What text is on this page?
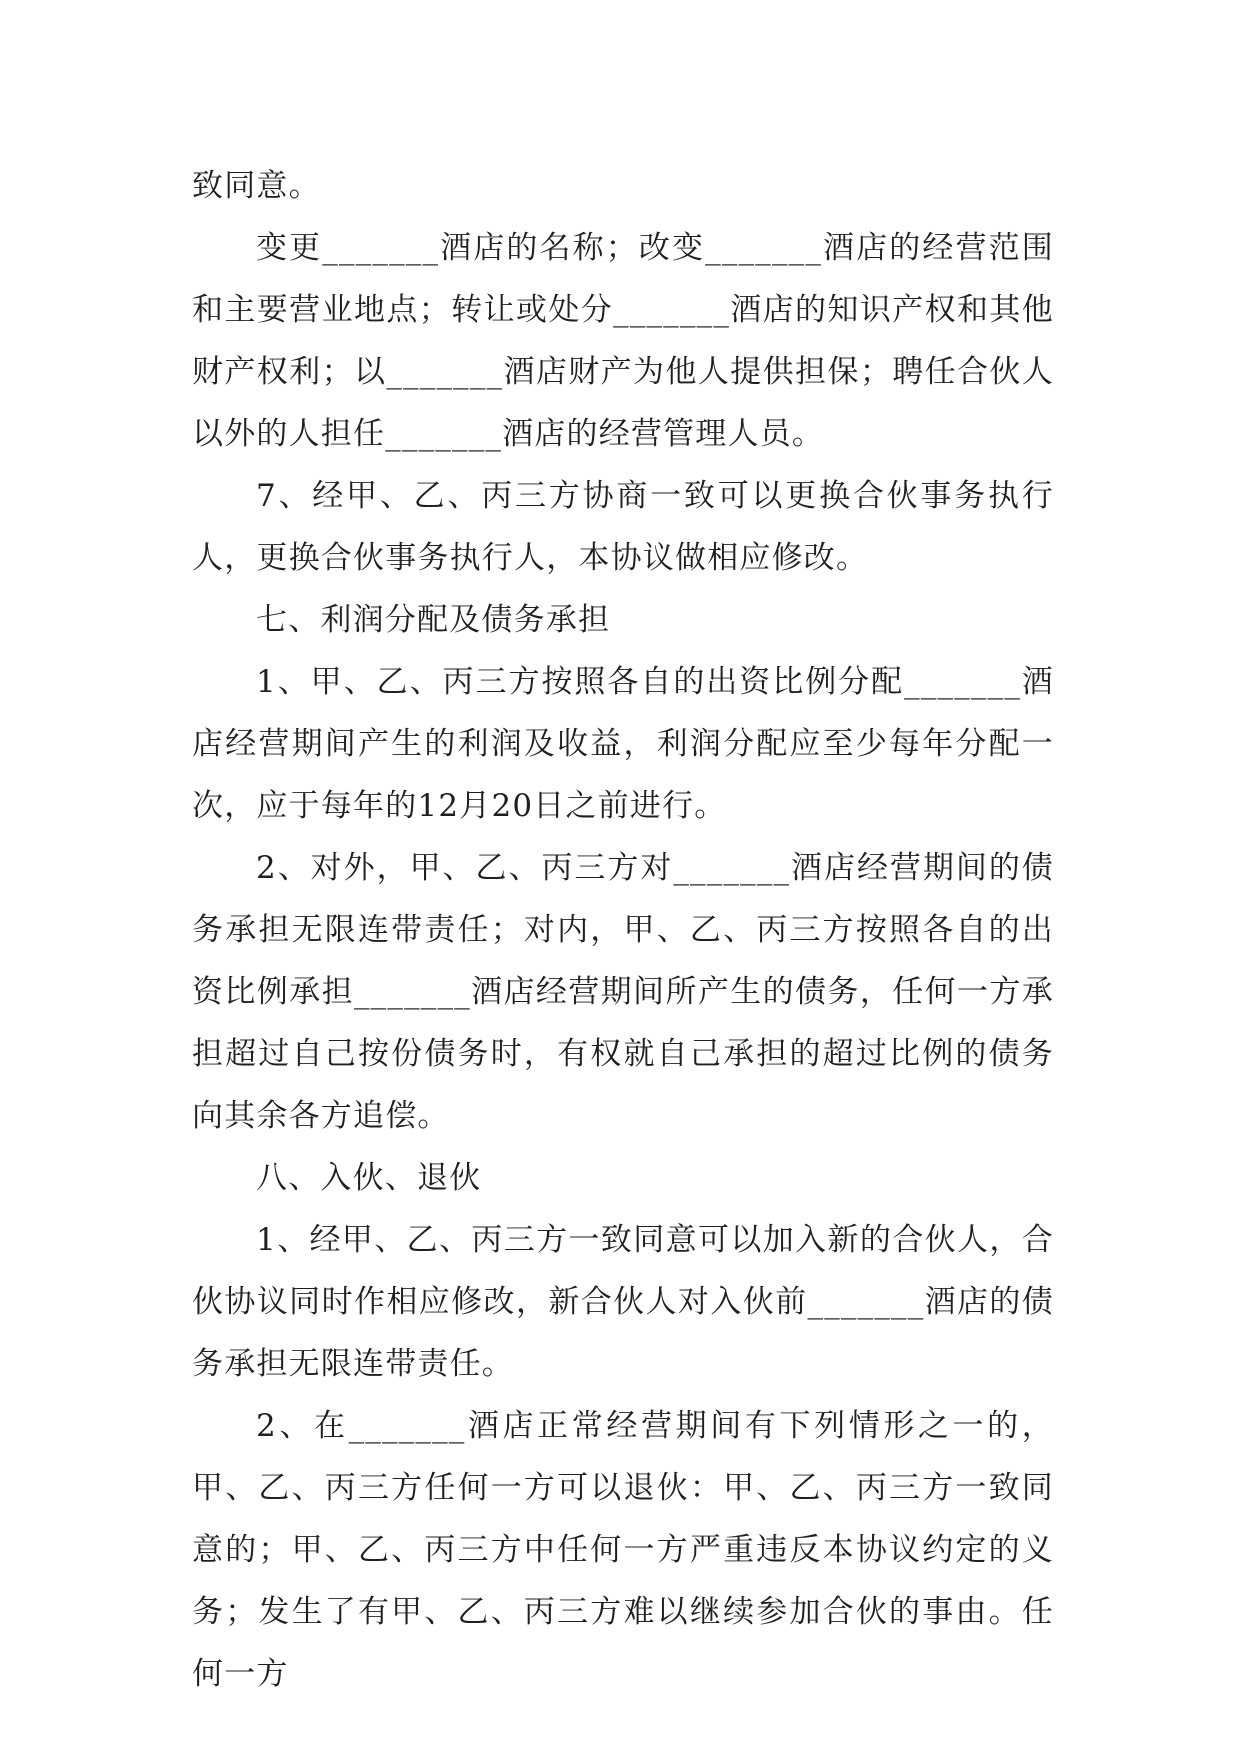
致同意。

变更_______酒店的名称；改变_______酒店的经营范围和主要营业地点；转让或处分_______酒店的知识产权和其他财产权利；以_______酒店财产为他人提供担保；聘任合伙人以外的人担任_______酒店的经营管理人员。

7、经甲、乙、丙三方协商一致可以更换合伙事务执行人，更换合伙事务执行人，本协议做相应修改。

七、利润分配及债务承担

1、甲、乙、丙三方按照各自的出资比例分配_______酒店经营期间产生的利润及收益，利润分配应至少每年分配一次，应于每年的12月20日之前进行。

2、对外，甲、乙、丙三方对_______酒店经营期间的债务承担无限连带责任；对内，甲、乙、丙三方按照各自的出资比例承担_______酒店经营期间所产生的债务，任何一方承担超过自己按份债务时，有权就自己承担的超过比例的债务向其余各方追偿。

八、入伙、退伙

1、经甲、乙、丙三方一致同意可以加入新的合伙人，合伙协议同时作相应修改，新合伙人对入伙前_______酒店的债务承担无限连带责任。

2、在_______酒店正常经营期间有下列情形之一的，甲、乙、丙三方任何一方可以退伙：甲、乙、丙三方一致同意的；甲、乙、丙三方中任何一方严重违反本协议约定的义务；发生了有甲、乙、丙三方难以继续参加合伙的事由。任何一方
